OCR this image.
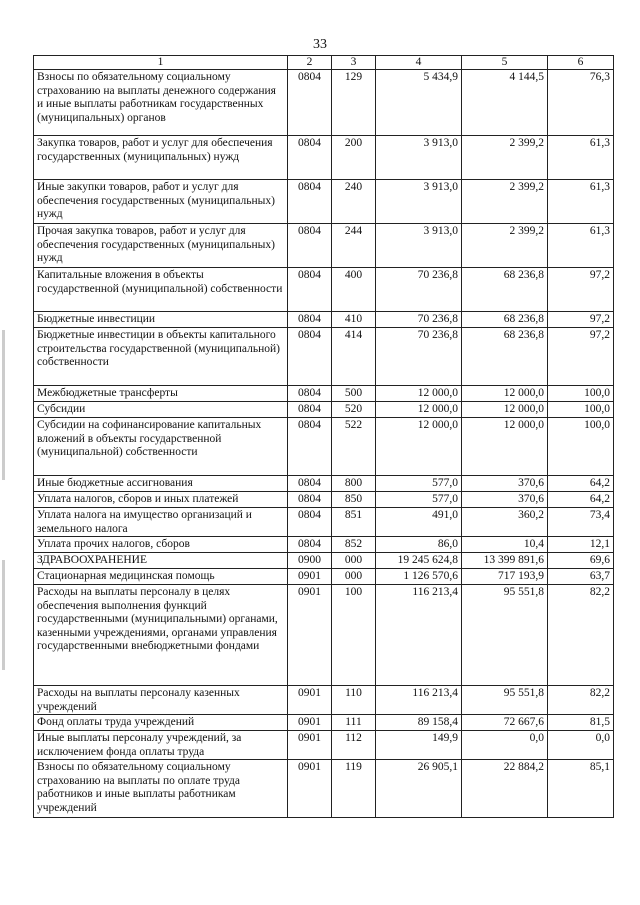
33
1	2	3	4	5	6
Взносы по обязательному социальному страхованию на выплаты денежного содержания и иные выплаты работникам государственных (муниципальных) органов	0804	129	5 434,9	4 144,5	76,3
Закупка товаров, работ и услуг для обеспечения государственных (муниципальных) нужд	0804	200	3 913,0	2 399,2	61,3
Иные закупки товаров, работ и услуг для обеспечения государственных (муниципальных) нужд	0804	240	3 913,0	2 399,2	61,3
Прочая закупка товаров, работ и услуг для обеспечения государственных (муниципальных) нужд	0804	244	3 913,0	2 399,2	61,3
Капитальные вложения в объекты государственной (муниципальной) собственности	0804	400	70 236,8	68 236,8	97,2
Бюджетные инвестиции	0804	410	70 236,8	68 236,8	97,2
Бюджетные инвестиции в объекты капитального строительства государственной (муниципальной) собственности	0804	414	70 236,8	68 236,8	97,2
Межбюджетные трансферты	0804	500	12 000,0	12 000,0	100,0
Субсидии	0804	520	12 000,0	12 000,0	100,0
Субсидии на софинансирование капитальных вложений в объекты государственной (муниципальной) собственности	0804	522	12 000,0	12 000,0	100,0
Иные бюджетные ассигнования	0804	800	577,0	370,6	64,2
Уплата налогов, сборов и иных платежей	0804	850	577,0	370,6	64,2
Уплата налога на имущество организаций и земельного налога	0804	851	491,0	360,2	73,4
Уплата прочих налогов, сборов	0804	852	86,0	10,4	12,1
ЗДРАВООХРАНЕНИЕ	0900	000	19 245 624,8	13 399 891,6	69,6
Стационарная медицинская помощь	0901	000	1 126 570,6	717 193,9	63,7
Расходы на выплаты персоналу в целях обеспечения выполнения функций государственными (муниципальными) органами, казенными учреждениями, органами управления государственными внебюджетными фондами	0901	100	116 213,4	95 551,8	82,2
Расходы на выплаты персоналу казенных учреждений	0901	110	116 213,4	95 551,8	82,2
Фонд оплаты труда учреждений	0901	111	89 158,4	72 667,6	81,5
Иные выплаты персоналу учреждений, за исключением фонда оплаты труда	0901	112	149,9	0,0	0,0
Взносы по обязательному социальному страхованию на выплаты по оплате труда работников и иные выплаты работникам учреждений	0901	119	26 905,1	22 884,2	85,1
